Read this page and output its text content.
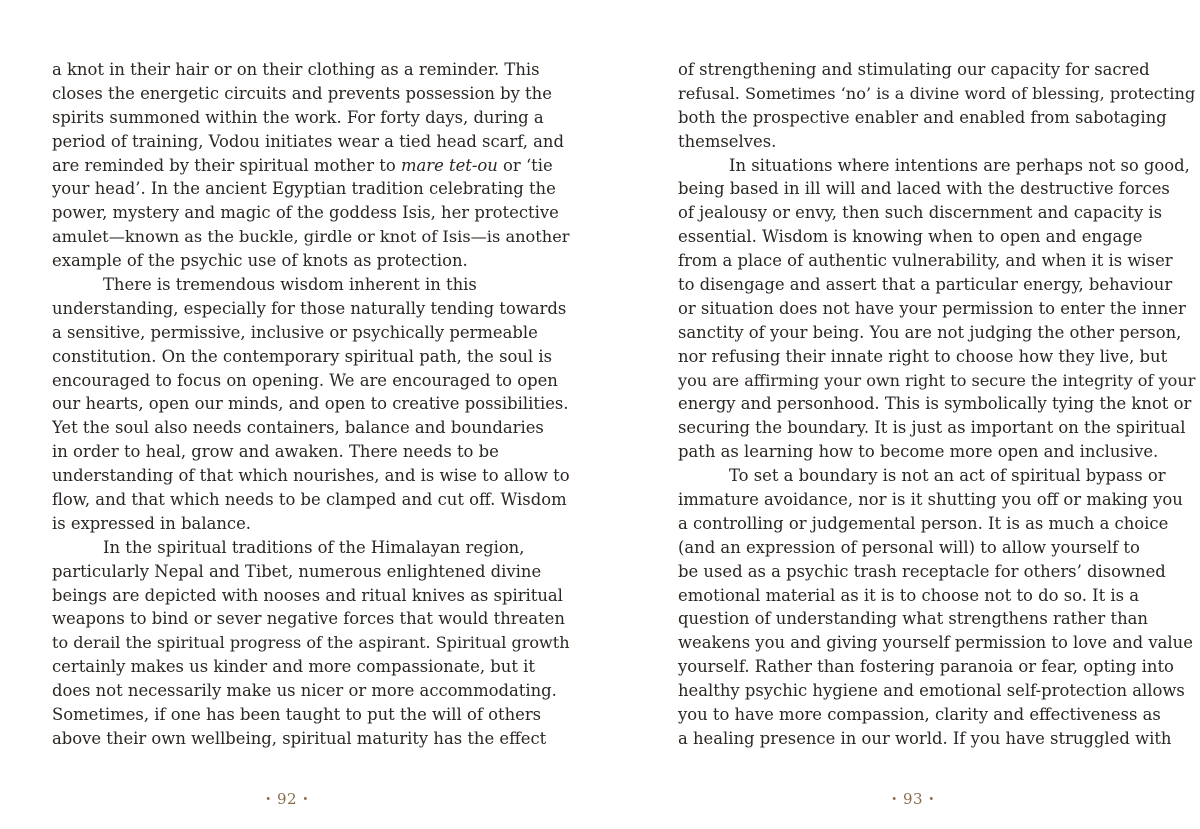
a knot in their hair or on their clothing as a reminder. This
closes the energetic circuits and prevents possession by the
spirits summoned within the work. For forty days, during a
period of training, Vodou initiates wear a tied head scarf, and
are reminded by their spiritual mother to mare tet-ou or ‘tie
your head’. In the ancient Egyptian tradition celebrating the
power, mystery and magic of the goddess Isis, her protective
amulet—known as the buckle, girdle or knot of Isis—is another
example of the psychic use of knots as protection.
There is tremendous wisdom inherent in this
understanding, especially for those naturally tending towards
a sensitive, permissive, inclusive or psychically permeable
constitution. On the contemporary spiritual path, the soul is
encouraged to focus on opening. We are encouraged to open
our hearts, open our minds, and open to creative possibilities.
Yet the soul also needs containers, balance and boundaries
in order to heal, grow and awaken. There needs to be
understanding of that which nourishes, and is wise to allow to
flow, and that which needs to be clamped and cut off. Wisdom
is expressed in balance.
In the spiritual traditions of the Himalayan region,
particularly Nepal and Tibet, numerous enlightened divine
beings are depicted with nooses and ritual knives as spiritual
weapons to bind or sever negative forces that would threaten
to derail the spiritual progress of the aspirant. Spiritual growth
certainly makes us kinder and more compassionate, but it
does not necessarily make us nicer or more accommodating.
Sometimes, if one has been taught to put the will of others
above their own wellbeing, spiritual maturity has the effect
• 92 •
of strengthening and stimulating our capacity for sacred
refusal. Sometimes ‘no’ is a divine word of blessing, protecting
both the prospective enabler and enabled from sabotaging
themselves.
In situations where intentions are perhaps not so good,
being based in ill will and laced with the destructive forces
of jealousy or envy, then such discernment and capacity is
essential. Wisdom is knowing when to open and engage
from a place of authentic vulnerability, and when it is wiser
to disengage and assert that a particular energy, behaviour
or situation does not have your permission to enter the inner
sanctity of your being. You are not judging the other person,
nor refusing their innate right to choose how they live, but
you are affirming your own right to secure the integrity of your
energy and personhood. This is symbolically tying the knot or
securing the boundary. It is just as important on the spiritual
path as learning how to become more open and inclusive.
To set a boundary is not an act of spiritual bypass or
immature avoidance, nor is it shutting you off or making you
a controlling or judgemental person. It is as much a choice
(and an expression of personal will) to allow yourself to
be used as a psychic trash receptacle for others’ disowned
emotional material as it is to choose not to do so. It is a
question of understanding what strengthens rather than
weakens you and giving yourself permission to love and value
yourself. Rather than fostering paranoia or fear, opting into
healthy psychic hygiene and emotional self-protection allows
you to have more compassion, clarity and effectiveness as
a healing presence in our world. If you have struggled with
• 93 •
